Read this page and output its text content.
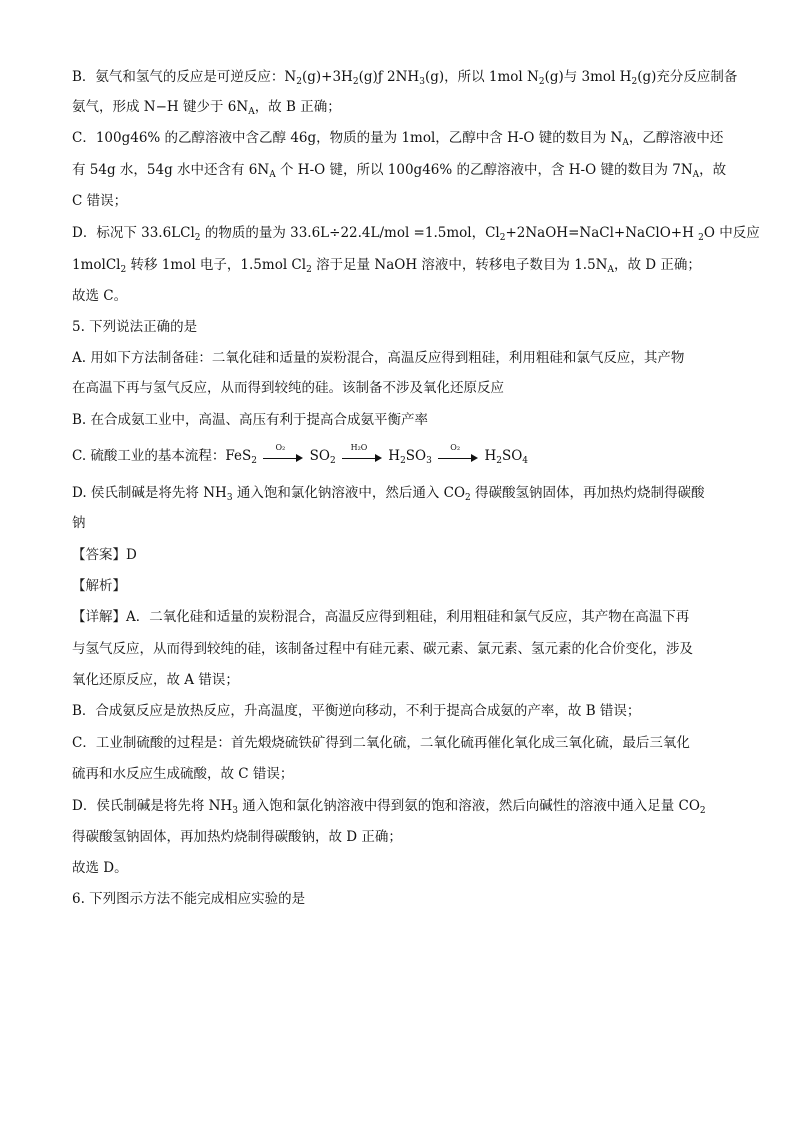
B．氨气和氢气的反应是可逆反应：$N_2(g)+3H_2(g)ƒ$ $2NH_3(g)$，所以 1mol $N_2(g)$与 3mol $H_2(g)$充分反应制备
氨气，形成 N−H 键少于 $6N_A$，故 B 正确；
C．100g46% 的乙醇溶液中含乙醇 46g，物质的量为 1mol，乙醇中含 H-O 键的数目为 $N_A$，乙醇溶液中还
有 54g 水，54g 水中还含有 $6N_A$ 个 H-O 键，所以 100g46% 的乙醇溶液中，含 H-O 键的数目为 $7N_A$，故
C 错误；
D．标况下 33.6LCl$_2$ 的物质的量为 33.6L÷22.4L/mol =1.5mol，$Cl_2+2NaOH=NaCl+NaClO+H$ $_2$O 中反应
1molCl$_2$ 转移 1mol 电子，1.5mol $Cl_2$ 溶于足量 NaOH 溶液中，转移电子数目为 $1.5N_A$，故 D 正确；
故选 C。
5. 下列说法正确的是
A. 用如下方法制备硅：二氧化硅和适量的炭粉混合，高温反应得到粗硅，利用粗硅和氯气反应，其产物
在高温下再与氢气反应，从而得到较纯的硅。该制备不涉及氧化还原反应
B. 在合成氨工业中，高温、高压有利于提高合成氨平衡产率
C. 硫酸工业的基本流程：FeS$_2$
O₂
$SO_2$
H₂O
$H_2SO_3$
O₂
$H_2SO_4$
D. 侯氏制碱是将先将 $NH_3$ 通入饱和氯化钠溶液中，然后通入 $CO_2$ 得碳酸氢钠固体，再加热灼烧制得碳酸
钠
【答案】D
【解析】
【详解】A．二氧化硅和适量的炭粉混合，高温反应得到粗硅，利用粗硅和氯气反应，其产物在高温下再
与氢气反应，从而得到较纯的硅，该制备过程中有硅元素、碳元素、氯元素、氢元素的化合价变化，涉及
氧化还原反应，故 A 错误；
B．合成氨反应是放热反应，升高温度，平衡逆向移动，不利于提高合成氨的产率，故 B 错误；
C．工业制硫酸的过程是：首先煅烧硫铁矿得到二氧化硫，二氧化硫再催化氧化成三氧化硫，最后三氧化
硫再和水反应生成硫酸，故 C 错误；
D．侯氏制碱是将先将 $NH_3$ 通入饱和氯化钠溶液中得到氨的饱和溶液，然后向碱性的溶液中通入足量 $CO_2$
得碳酸氢钠固体，再加热灼烧制得碳酸钠，故 D 正确；
故选 D。
6. 下列图示方法不能完成相应实验的是
